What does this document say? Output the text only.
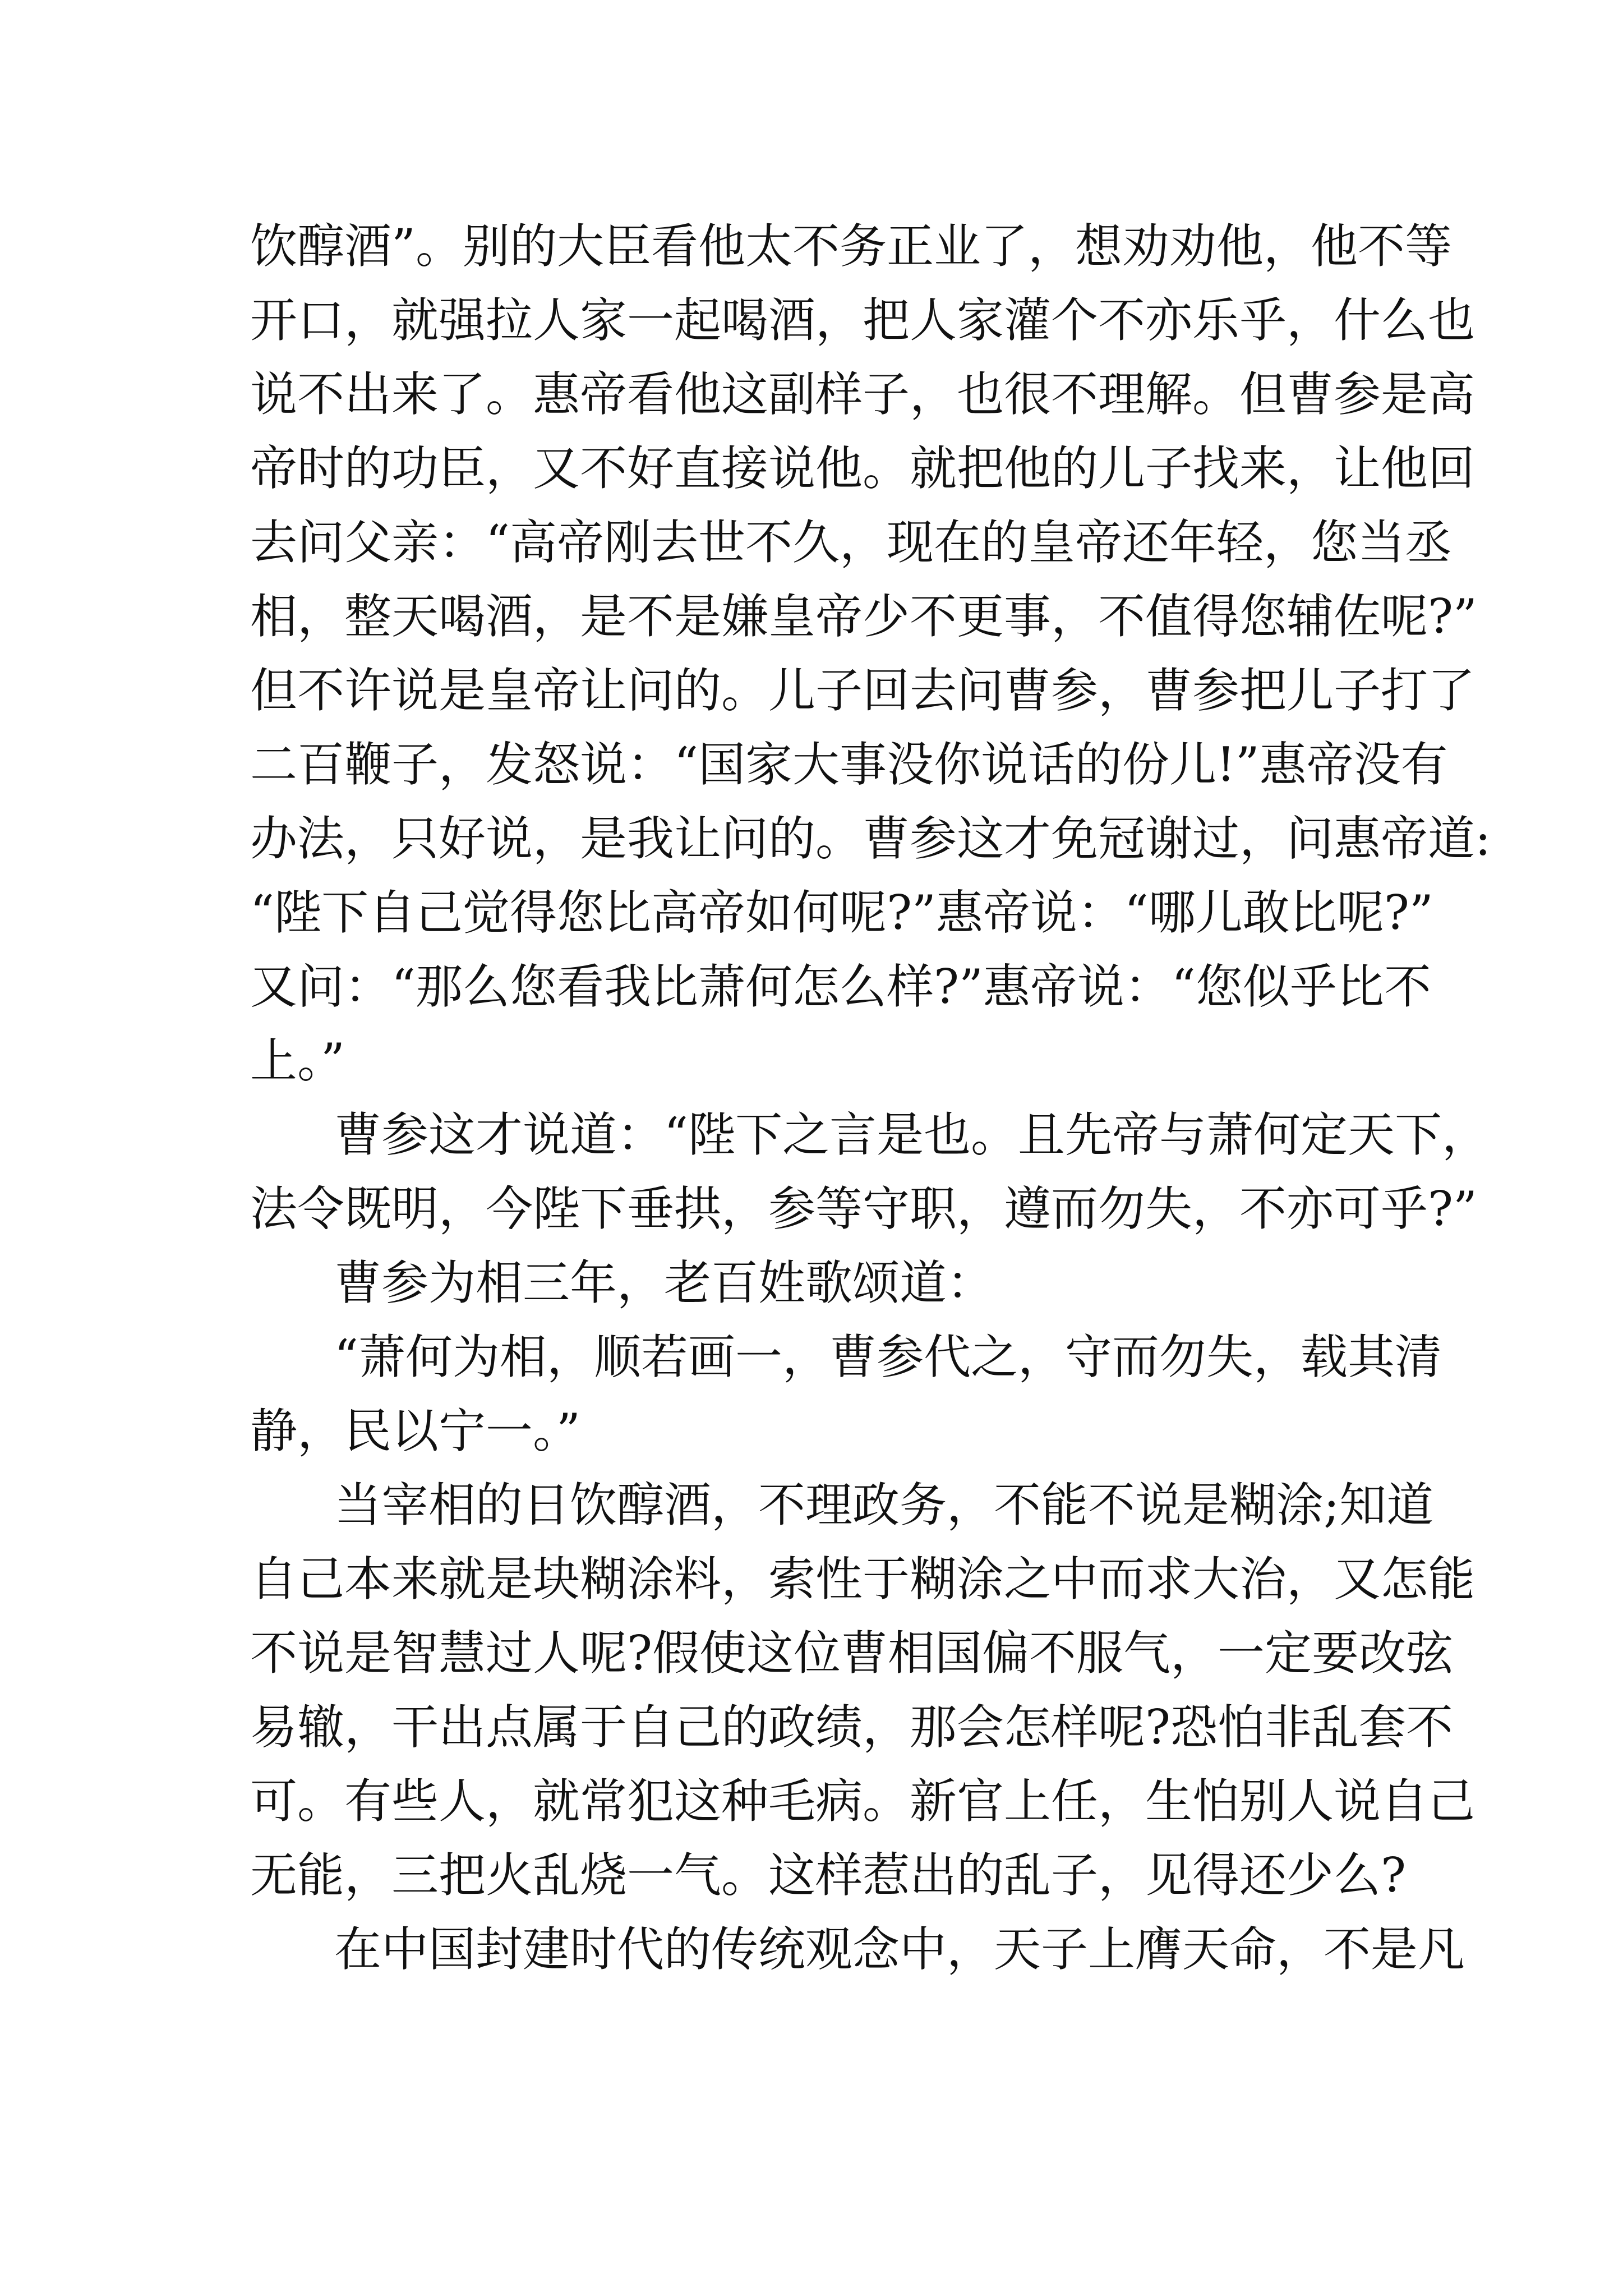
饮醇酒”。别的大臣看他太不务正业了，想劝劝他，他不等
开口，就强拉人家一起喝酒，把人家灌个不亦乐乎，什么也
说不出来了。惠帝看他这副样子，也很不理解。但曹参是高
帝时的功臣，又不好直接说他。就把他的儿子找来，让他回
去问父亲：“高帝刚去世不久，现在的皇帝还年轻，您当丞
相，整天喝酒，是不是嫌皇帝少不更事，不值得您辅佐呢?”
但不许说是皇帝让问的。儿子回去问曹参，曹参把儿子打了
二百鞭子，发怒说：“国家大事没你说话的份儿!”惠帝没有
办法，只好说，是我让问的。曹参这才免冠谢过，问惠帝道:
“陛下自己觉得您比高帝如何呢?”惠帝说：“哪儿敢比呢?”
又问：“那么您看我比萧何怎么样?”惠帝说：“您似乎比不
上。”
曹参这才说道：“陛下之言是也。且先帝与萧何定天下，
法令既明，今陛下垂拱，参等守职，遵而勿失，不亦可乎?”
曹参为相三年，老百姓歌颂道：
“萧何为相，顺若画一，曹参代之，守而勿失，载其清
静，民以宁一。”
当宰相的日饮醇酒，不理政务，不能不说是糊涂;知道
自己本来就是块糊涂料，索性于糊涂之中而求大治，又怎能
不说是智慧过人呢?假使这位曹相国偏不服气，一定要改弦
易辙，干出点属于自己的政绩，那会怎样呢?恐怕非乱套不
可。有些人，就常犯这种毛病。新官上任，生怕别人说自己
无能，三把火乱烧一气。这样惹出的乱子，见得还少么?
在中国封建时代的传统观念中，天子上膺天命，不是凡
